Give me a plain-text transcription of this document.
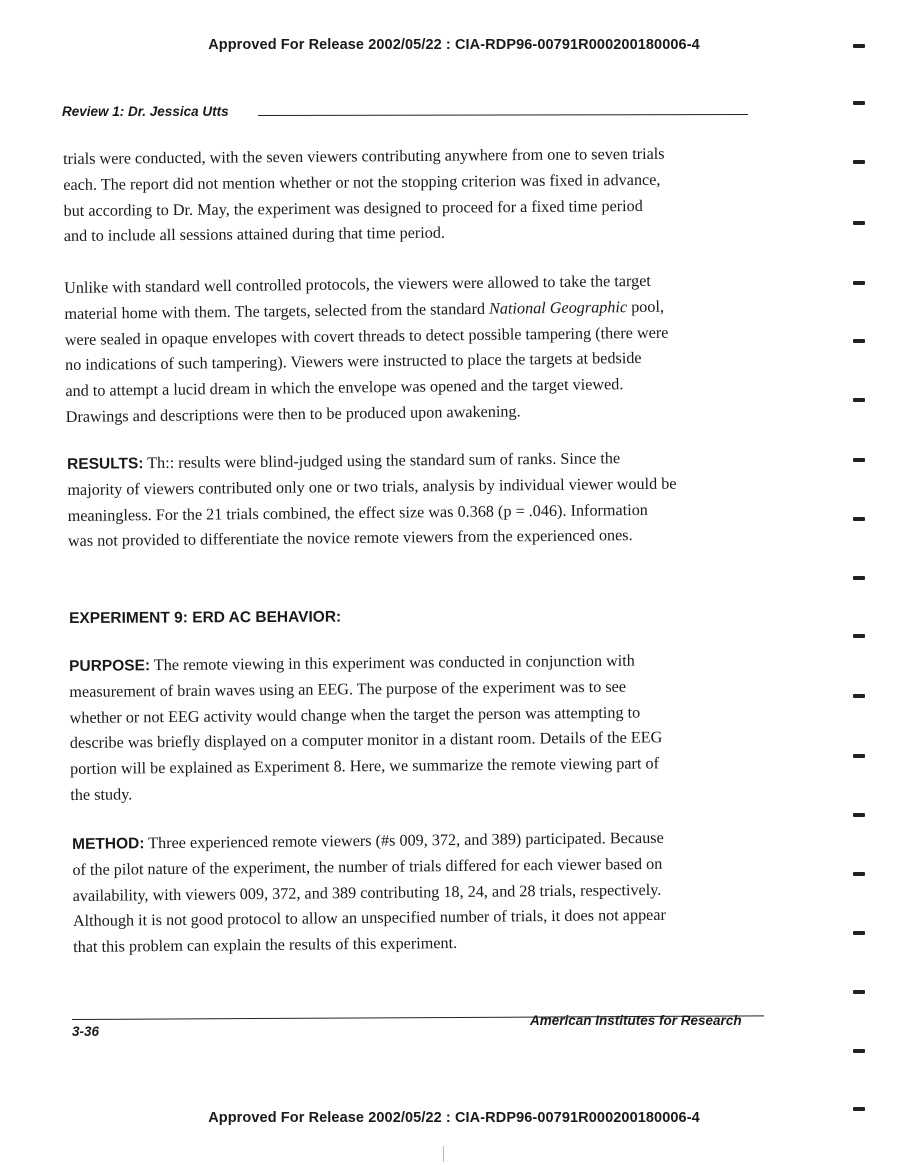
Approved For Release 2002/05/22 : CIA-RDP96-00791R000200180006-4
Review 1: Dr. Jessica Utts

trials were conducted, with the seven viewers contributing anywhere from one to seven trials
each. The report did not mention whether or not the stopping criterion was fixed in advance,
but according to Dr. May, the experiment was designed to proceed for a fixed time period
and to include all sessions attained during that time period.

Unlike with standard well controlled protocols, the viewers were allowed to take the target
material home with them. The targets, selected from the standard National Geographic pool,
were sealed in opaque envelopes with covert threads to detect possible tampering (there were
no indications of such tampering). Viewers were instructed to place the targets at bedside
and to attempt a lucid dream in which the envelope was opened and the target viewed.
Drawings and descriptions were then to be produced upon awakening.

RESULTS: Th:: results were blind-judged using the standard sum of ranks. Since the
majority of viewers contributed only one or two trials, analysis by individual viewer would be
meaningless. For the 21 trials combined, the effect size was 0.368 (p = .046). Information
was not provided to differentiate the novice remote viewers from the experienced ones.

EXPERIMENT 9: ERD AC BEHAVIOR:

PURPOSE: The remote viewing in this experiment was conducted in conjunction with
measurement of brain waves using an EEG. The purpose of the experiment was to see
whether or not EEG activity would change when the target the person was attempting to
describe was briefly displayed on a computer monitor in a distant room. Details of the EEG
portion will be explained as Experiment 8. Here, we summarize the remote viewing part of
the study.

METHOD: Three experienced remote viewers (#s 009, 372, and 389) participated. Because
of the pilot nature of the experiment, the number of trials differed for each viewer based on
availability, with viewers 009, 372, and 389 contributing 18, 24, and 28 trials, respectively.
Although it is not good protocol to allow an unspecified number of trials, it does not appear
that this problem can explain the results of this experiment.

3-36
American Institutes for Research
Approved For Release 2002/05/22 : CIA-RDP96-00791R000200180006-4
